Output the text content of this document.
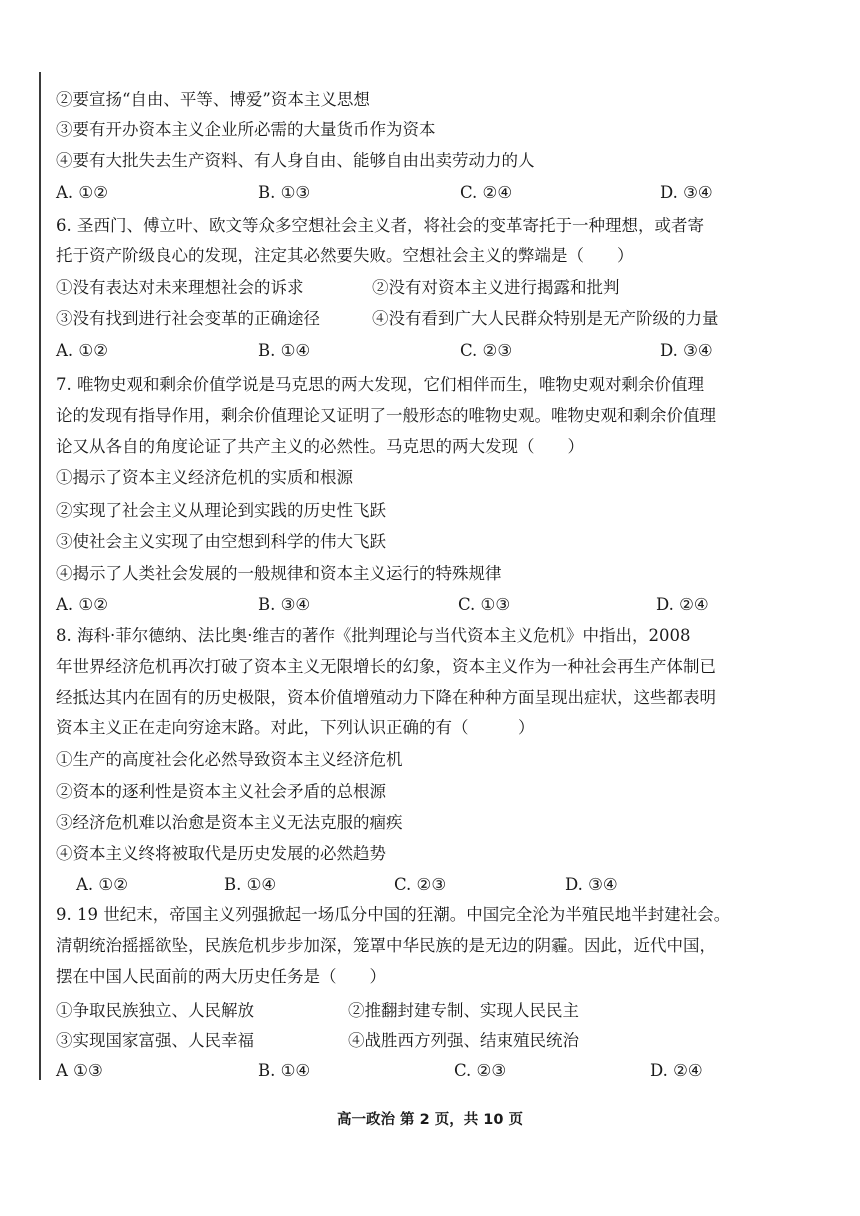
②要宣扬“自由、平等、博爱”资本主义思想
③要有开办资本主义企业所必需的大量货币作为资本
④要有大批失去生产资料、有人身自由、能够自由出卖劳动力的人
A. ①②	B. ①③	C. ②④	D. ③④
6. 圣西门、傅立叶、欧文等众多空想社会主义者，将社会的变革寄托于一种理想，或者寄
托于资产阶级良心的发现，注定其必然要失败。空想社会主义的弊端是（　　）
①没有表达对未来理想社会的诉求	②没有对资本主义进行揭露和批判
③没有找到进行社会变革的正确途径	④没有看到广大人民群众特别是无产阶级的力量
A. ①②	B. ①④	C. ②③	D. ③④
7. 唯物史观和剩余价值学说是马克思的两大发现，它们相伴而生，唯物史观对剩余价值理
论的发现有指导作用，剩余价值理论又证明了一般形态的唯物史观。唯物史观和剩余价值理
论又从各自的角度论证了共产主义的必然性。马克思的两大发现（　　）
①揭示了资本主义经济危机的实质和根源
②实现了社会主义从理论到实践的历史性飞跃
③使社会主义实现了由空想到科学的伟大飞跃
④揭示了人类社会发展的一般规律和资本主义运行的特殊规律
A. ①②	B. ③④	C. ①③	D. ②④
8. 海科·菲尔德纳、法比奥·维吉的著作《批判理论与当代资本主义危机》中指出，2008
年世界经济危机再次打破了资本主义无限增长的幻象，资本主义作为一种社会再生产体制已
经抵达其内在固有的历史极限，资本价值增殖动力下降在种种方面呈现出症状，这些都表明
资本主义正在走向穷途末路。对此，下列认识正确的有（　　　）
①生产的高度社会化必然导致资本主义经济危机
②资本的逐利性是资本主义社会矛盾的总根源
③经济危机难以治愈是资本主义无法克服的痼疾
④资本主义终将被取代是历史发展的必然趋势
A. ①②	B. ①④	C. ②③	D. ③④
9. 19 世纪末，帝国主义列强掀起一场瓜分中国的狂潮。中国完全沦为半殖民地半封建社会。
清朝统治摇摇欲坠，民族危机步步加深，笼罩中华民族的是无边的阴霾。因此，近代中国，
摆在中国人民面前的两大历史任务是（　　）
①争取民族独立、人民解放	②推翻封建专制、实现人民民主
③实现国家富强、人民幸福	④战胜西方列强、结束殖民统治
A ①③	B. ①④	C. ②③	D. ②④
高一政治 第 2 页，共 10 页
